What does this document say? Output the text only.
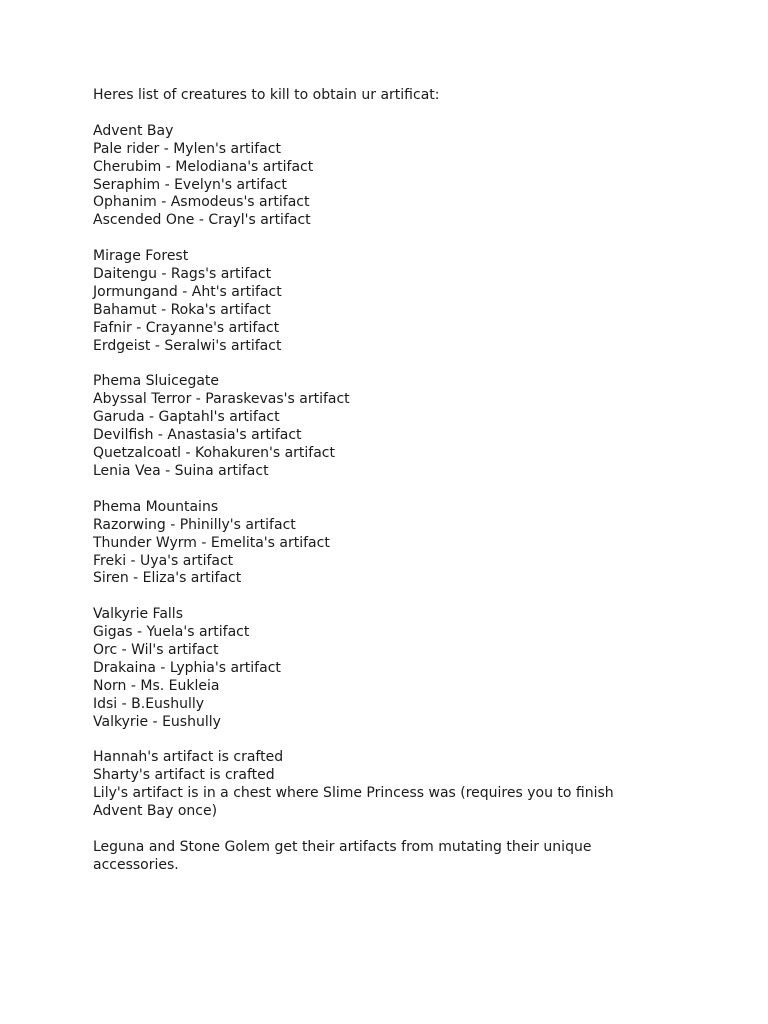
Heres list of creatures to kill to obtain ur artificat:
Advent Bay
Pale rider - Mylen's artifact
Cherubim - Melodiana's artifact
Seraphim - Evelyn's artifact
Ophanim - Asmodeus's artifact
Ascended One - Crayl's artifact
Mirage Forest
Daitengu - Rags's artifact
Jormungand - Aht's artifact
Bahamut - Roka's artifact
Fafnir - Crayanne's artifact
Erdgeist - Seralwi's artifact
Phema Sluicegate
Abyssal Terror - Paraskevas's artifact
Garuda - Gaptahl's artifact
Devilfish - Anastasia's artifact
Quetzalcoatl - Kohakuren's artifact
Lenia Vea - Suina artifact
Phema Mountains
Razorwing - Phinilly's artifact
Thunder Wyrm - Emelita's artifact
Freki - Uya's artifact
Siren - Eliza's artifact
Valkyrie Falls
Gigas - Yuela's artifact
Orc - Wil's artifact
Drakaina - Lyphia's artifact
Norn - Ms. Eukleia
Idsi - B.Eushully
Valkyrie - Eushully
Hannah's artifact is crafted
Sharty's artifact is crafted
Lily's artifact is in a chest where Slime Princess was (requires you to finish
Advent Bay once)
Leguna and Stone Golem get their artifacts from mutating their unique
accessories.
